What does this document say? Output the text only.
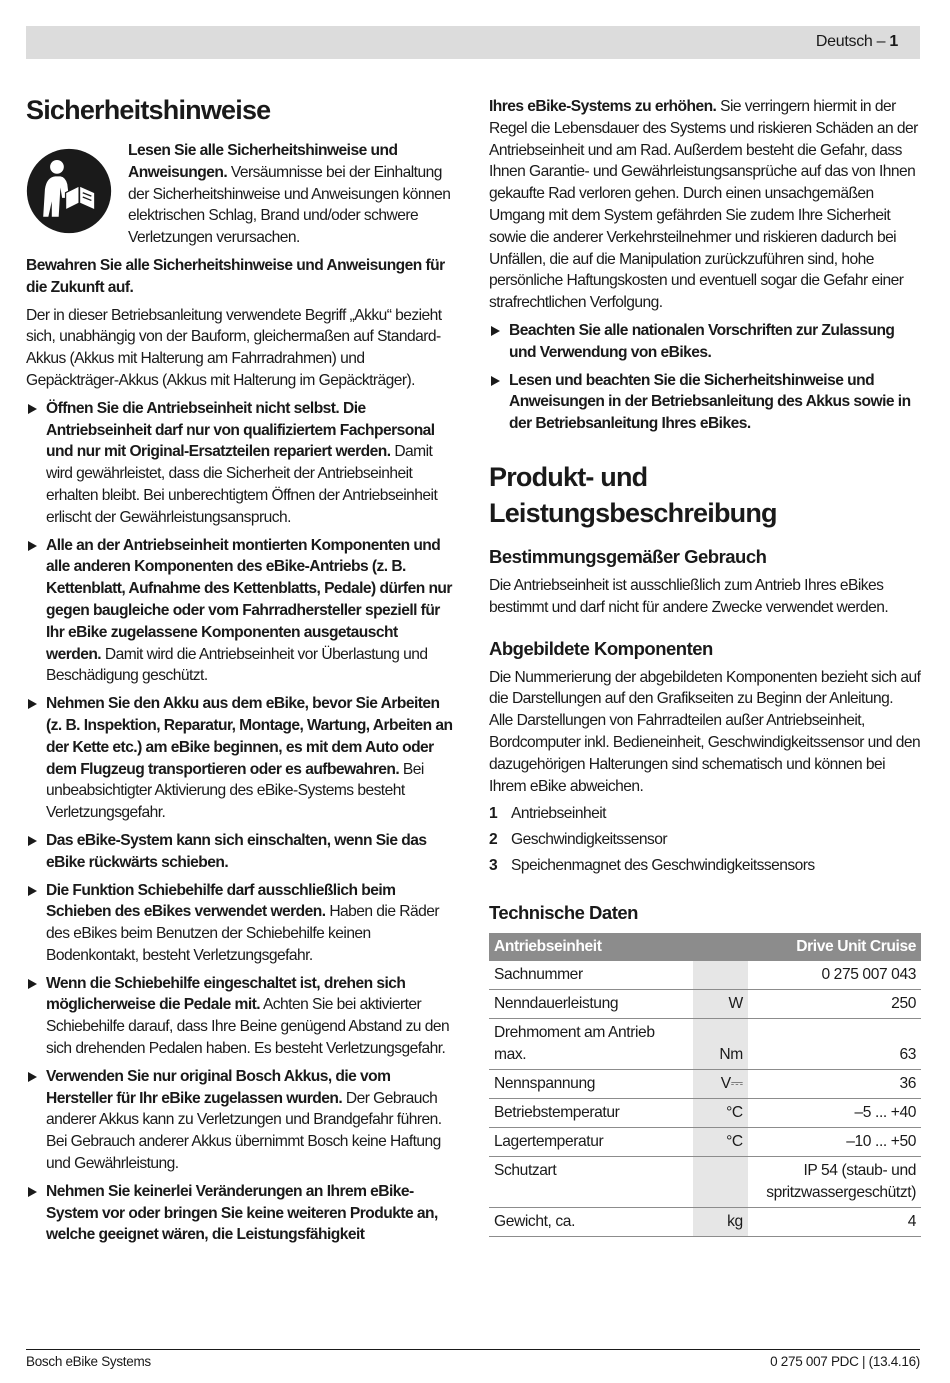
Deutsch – 1
Sicherheitshinweise
Lesen Sie alle Sicherheitshinweise und Anweisungen. Versäumnisse bei der Einhaltung der Sicherheitshinweise und Anweisungen können elektrischen Schlag, Brand und/oder schwere Verletzungen verursachen.

Bewahren Sie alle Sicherheitshinweise und Anweisungen für die Zukunft auf.

Der in dieser Betriebsanleitung verwendete Begriff „Akku“ bezieht sich, unabhängig von der Bauform, gleichermaßen auf Standard-Akkus (Akkus mit Halterung am Fahrradrahmen) und Gepäckträger-Akkus (Akkus mit Halterung im Gepäckträger).

Öffnen Sie die Antriebseinheit nicht selbst. Die Antriebseinheit darf nur von qualifiziertem Fachpersonal und nur mit Original-Ersatzteilen repariert werden. Damit wird gewährleistet, dass die Sicherheit der Antriebseinheit erhalten bleibt. Bei unberechtigtem Öffnen der Antriebseinheit erlischt der Gewährleistungsanspruch.
Alle an der Antriebseinheit montierten Komponenten und alle anderen Komponenten des eBike-Antriebs (z. B. Kettenblatt, Aufnahme des Kettenblatts, Pedale) dürfen nur gegen baugleiche oder vom Fahrradhersteller speziell für Ihr eBike zugelassene Komponenten ausgetauscht werden. Damit wird die Antriebseinheit vor Überlastung und Beschädigung geschützt.
Nehmen Sie den Akku aus dem eBike, bevor Sie Arbeiten (z. B. Inspektion, Reparatur, Montage, Wartung, Arbeiten an der Kette etc.) am eBike beginnen, es mit dem Auto oder dem Flugzeug transportieren oder es aufbewahren. Bei unbeabsichtigter Aktivierung des eBike-Systems besteht Verletzungsgefahr.
Das eBike-System kann sich einschalten, wenn Sie das eBike rückwärts schieben.
Die Funktion Schiebehilfe darf ausschließlich beim Schieben des eBikes verwendet werden. Haben die Räder des eBikes beim Benutzen der Schiebehilfe keinen Bodenkontakt, besteht Verletzungsgefahr.
Wenn die Schiebehilfe eingeschaltet ist, drehen sich möglicherweise die Pedale mit. Achten Sie bei aktivierter Schiebehilfe darauf, dass Ihre Beine genügend Abstand zu den sich drehenden Pedalen haben. Es besteht Verletzungsgefahr.
Verwenden Sie nur original Bosch Akkus, die vom Hersteller für Ihr eBike zugelassen wurden. Der Gebrauch anderer Akkus kann zu Verletzungen und Brandgefahr führen. Bei Gebrauch anderer Akkus übernimmt Bosch keine Haftung und Gewährleistung.
Nehmen Sie keinerlei Veränderungen an Ihrem eBike-System vor oder bringen Sie keine weiteren Produkte an, welche geeignet wären, die Leistungsfähigkeit

Ihres eBike-Systems zu erhöhen. Sie verringern hiermit in der Regel die Lebensdauer des Systems und riskieren Schäden an der Antriebseinheit und am Rad. Außerdem besteht die Gefahr, dass Ihnen Garantie- und Gewährleistungsansprüche auf das von Ihnen gekaufte Rad verloren gehen. Durch einen unsachgemäßen Umgang mit dem System gefährden Sie zudem Ihre Sicherheit sowie die anderer Verkehrsteilnehmer und riskieren dadurch bei Unfällen, die auf die Manipulation zurückzuführen sind, hohe persönliche Haftungskosten und eventuell sogar die Gefahr einer strafrechtlichen Verfolgung.

Beachten Sie alle nationalen Vorschriften zur Zulassung und Verwendung von eBikes.
Lesen und beachten Sie die Sicherheitshinweise und Anweisungen in der Betriebsanleitung des Akkus sowie in der Betriebsanleitung Ihres eBikes.
Produkt- und Leistungsbeschreibung
Bestimmungsgemäßer Gebrauch

Die Antriebseinheit ist ausschließlich zum Antrieb Ihres eBikes bestimmt und darf nicht für andere Zwecke verwendet werden.

Abgebildete Komponenten

Die Nummerierung der abgebildeten Komponenten bezieht sich auf die Darstellungen auf den Grafikseiten zu Beginn der Anleitung.

Alle Darstellungen von Fahrradteilen außer Antriebseinheit, Bordcomputer inkl. Bedieneinheit, Geschwindigkeitssensor und den dazugehörigen Halterungen sind schematisch und können bei Ihrem eBike abweichen.

1 Antriebseinheit
2 Geschwindigkeitssensor
3 Speichenmagnet des Geschwindigkeitssensors
Technische Daten
Antriebseinheit		Drive Unit Cruise
Sachnummer		0 275 007 043
Nenndauerleistung	W	250
Drehmoment am Antrieb max.	Nm	63
Nennspannung	V⎓	36
Betriebstemperatur	°C	–5 ... +40
Lagertemperatur	°C	–10 ... +50
Schutzart		IP 54 (staub- und spritzwassergeschützt)
Gewicht, ca.	kg	4
Bosch eBike Systems	0 275 007 PDC | (13.4.16)
